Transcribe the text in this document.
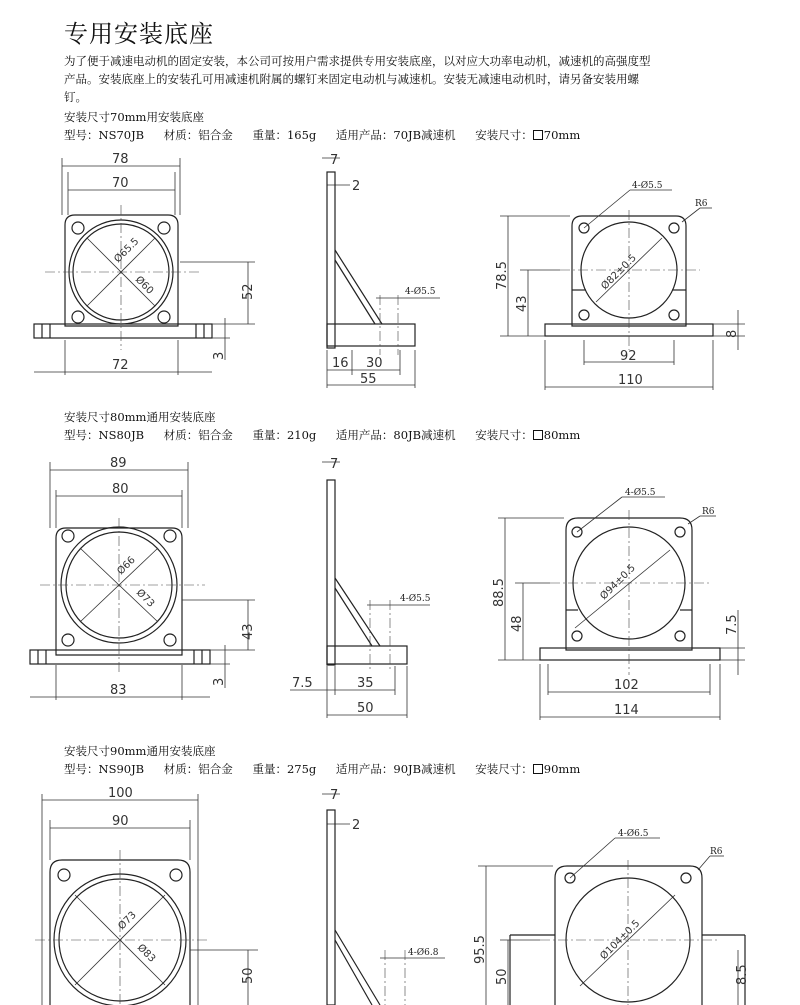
专用安装底座
为了便于减速电动机的固定安装，本公司可按用户需求提供专用安装底座，以对应大功率电动机，减速机的高强度型
产品。安装底座上的安装孔可用减速机附属的螺钉来固定电动机与减速机。安装无减速电动机时，请另备安装用螺
钉。
安装尺寸70mm用安装底座
型号：NS70JB 材质：铝合金 重量：165g 适用产品：70JB减速机 安装尺寸： 70mm
安装尺寸80mm通用安装底座
型号：NS80JB 材质：铝合金 重量：210g 适用产品：80JB减速机 安装尺寸： 80mm
安装尺寸90mm通用安装底座
型号：NS90JB 材质：铝合金 重量：275g 适用产品：90JB减速机 安装尺寸： 90mm
78
70
Ø65.5
Ø60	52
3
72
7
2
4-Ø5.5
16 30
55
Ø82±0.5
4-Ø5.5
R6
78.5
43
8
92
110
89
80
Ø66
Ø73
43
3
83
7
4-Ø5.5
7.5	35
50
Ø94±0.5
4-Ø5.5
R6
88.5
48	7.5
102
114
100
90
Ø73
Ø83
50
7
2
4-Ø6.8	Ø104±0.5
4-Ø6.5
R6
95.5
50	8.5
